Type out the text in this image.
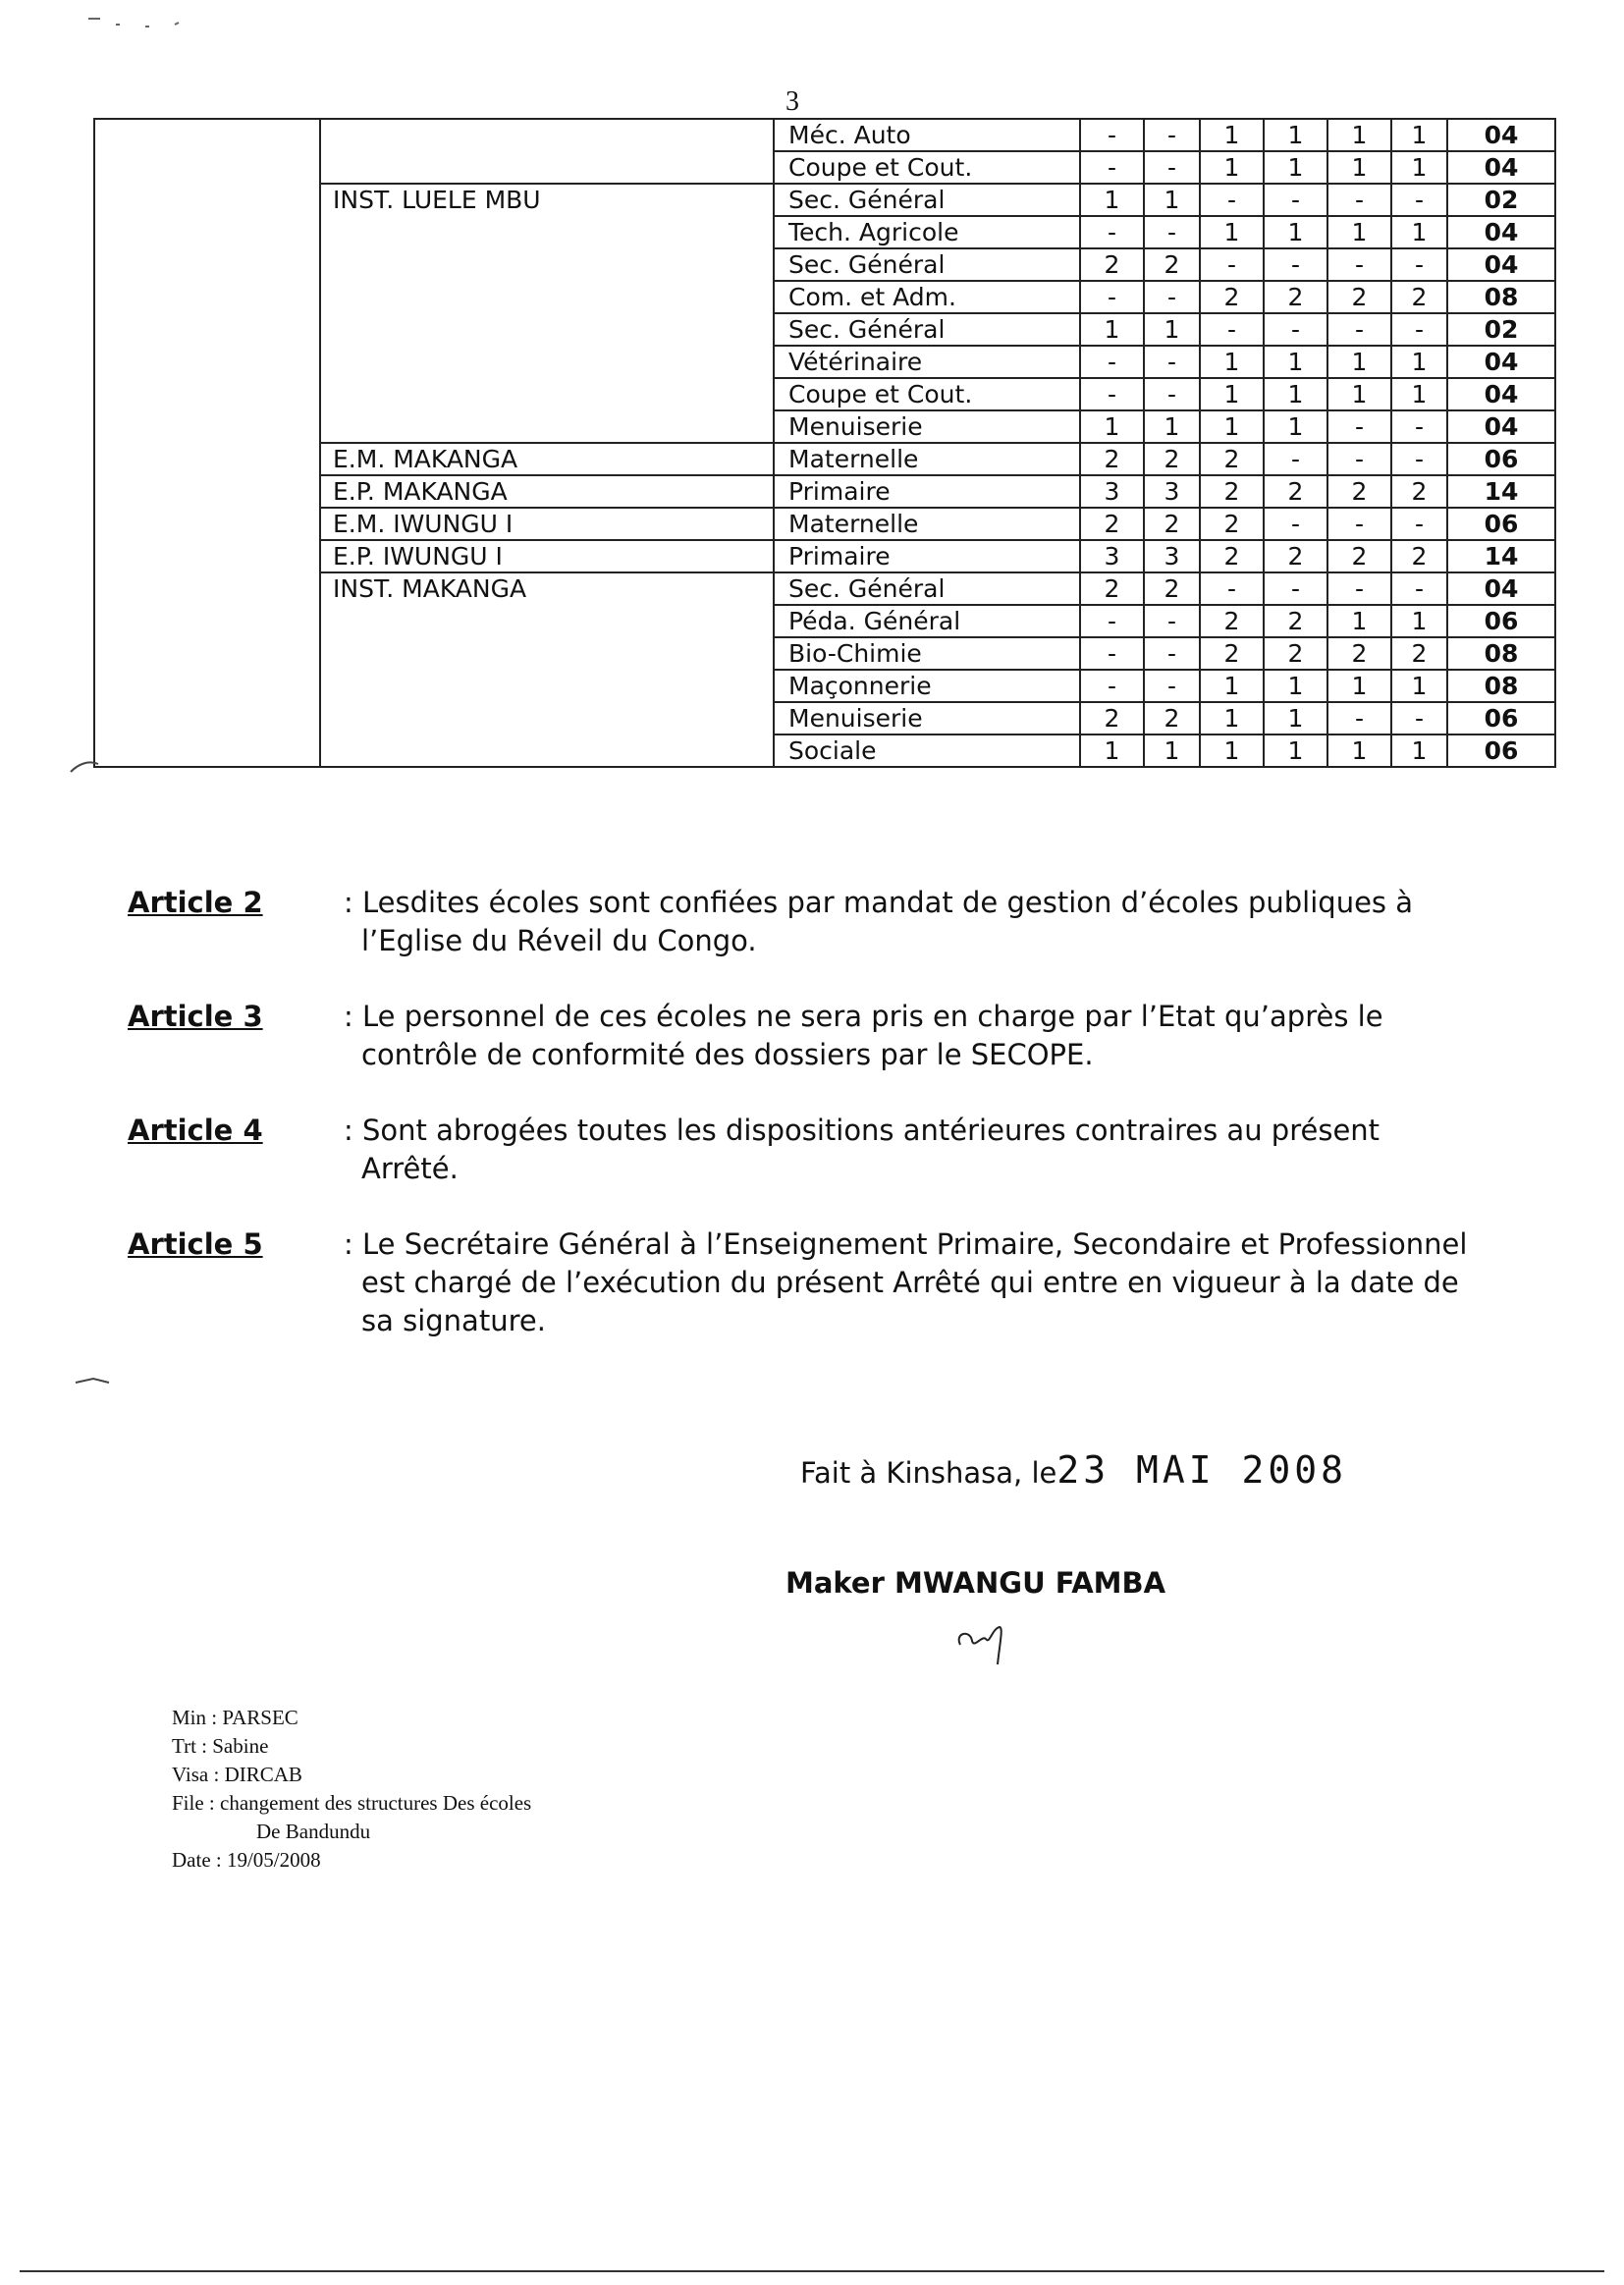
3
		Méc. Auto	-	-	1	1	1	1	04
		Coupe et Cout.	-	-	1	1	1	1	04
	INST. LUELE MBU	Sec. Général	1	1	-	-	-	-	02
		Tech. Agricole	-	-	1	1	1	1	04
		Sec. Général	2	2	-	-	-	-	04
		Com. et Adm.	-	-	2	2	2	2	08
		Sec. Général	1	1	-	-	-	-	02
		Vétérinaire	-	-	1	1	1	1	04
		Coupe et Cout.	-	-	1	1	1	1	04
		Menuiserie	1	1	1	1	-	-	04
	E.M. MAKANGA	Maternelle	2	2	2	-	-	-	06
	E.P. MAKANGA	Primaire	3	3	2	2	2	2	14
	E.M. IWUNGU I	Maternelle	2	2	2	-	-	-	06
	E.P. IWUNGU I	Primaire	3	3	2	2	2	2	14
	INST. MAKANGA	Sec. Général	2	2	-	-	-	-	04
		Péda. Général	-	-	2	2	1	1	06
		Bio-Chimie	-	-	2	2	2	2	08
		Maçonnerie	-	-	1	1	1	1	08
		Menuiserie	2	2	1	1	-	-	06
		Sociale	1	1	1	1	1	1	06
Article 2	: Lesdites écoles sont confiées par mandat de gestion d’écoles publiques à
l’Eglise du Réveil du Congo.
Article 3	: Le personnel de ces écoles ne sera pris en charge par l’Etat qu’après le
contrôle de conformité des dossiers par le SECOPE.
Article 4	: Sont abrogées toutes les dispositions antérieures contraires au présent
Arrêté.
Article 5	: Le Secrétaire Général à l’Enseignement Primaire, Secondaire et Professionnel
est chargé de l’exécution du présent Arrêté qui entre en vigueur à la date de
sa signature.
Fait à Kinshasa, le23 MAI 2008
Maker MWANGU FAMBA
Min : PARSEC
Trt : Sabine
Visa : DIRCAB
File : changement des structures Des écoles
De Bandundu
Date : 19/05/2008
